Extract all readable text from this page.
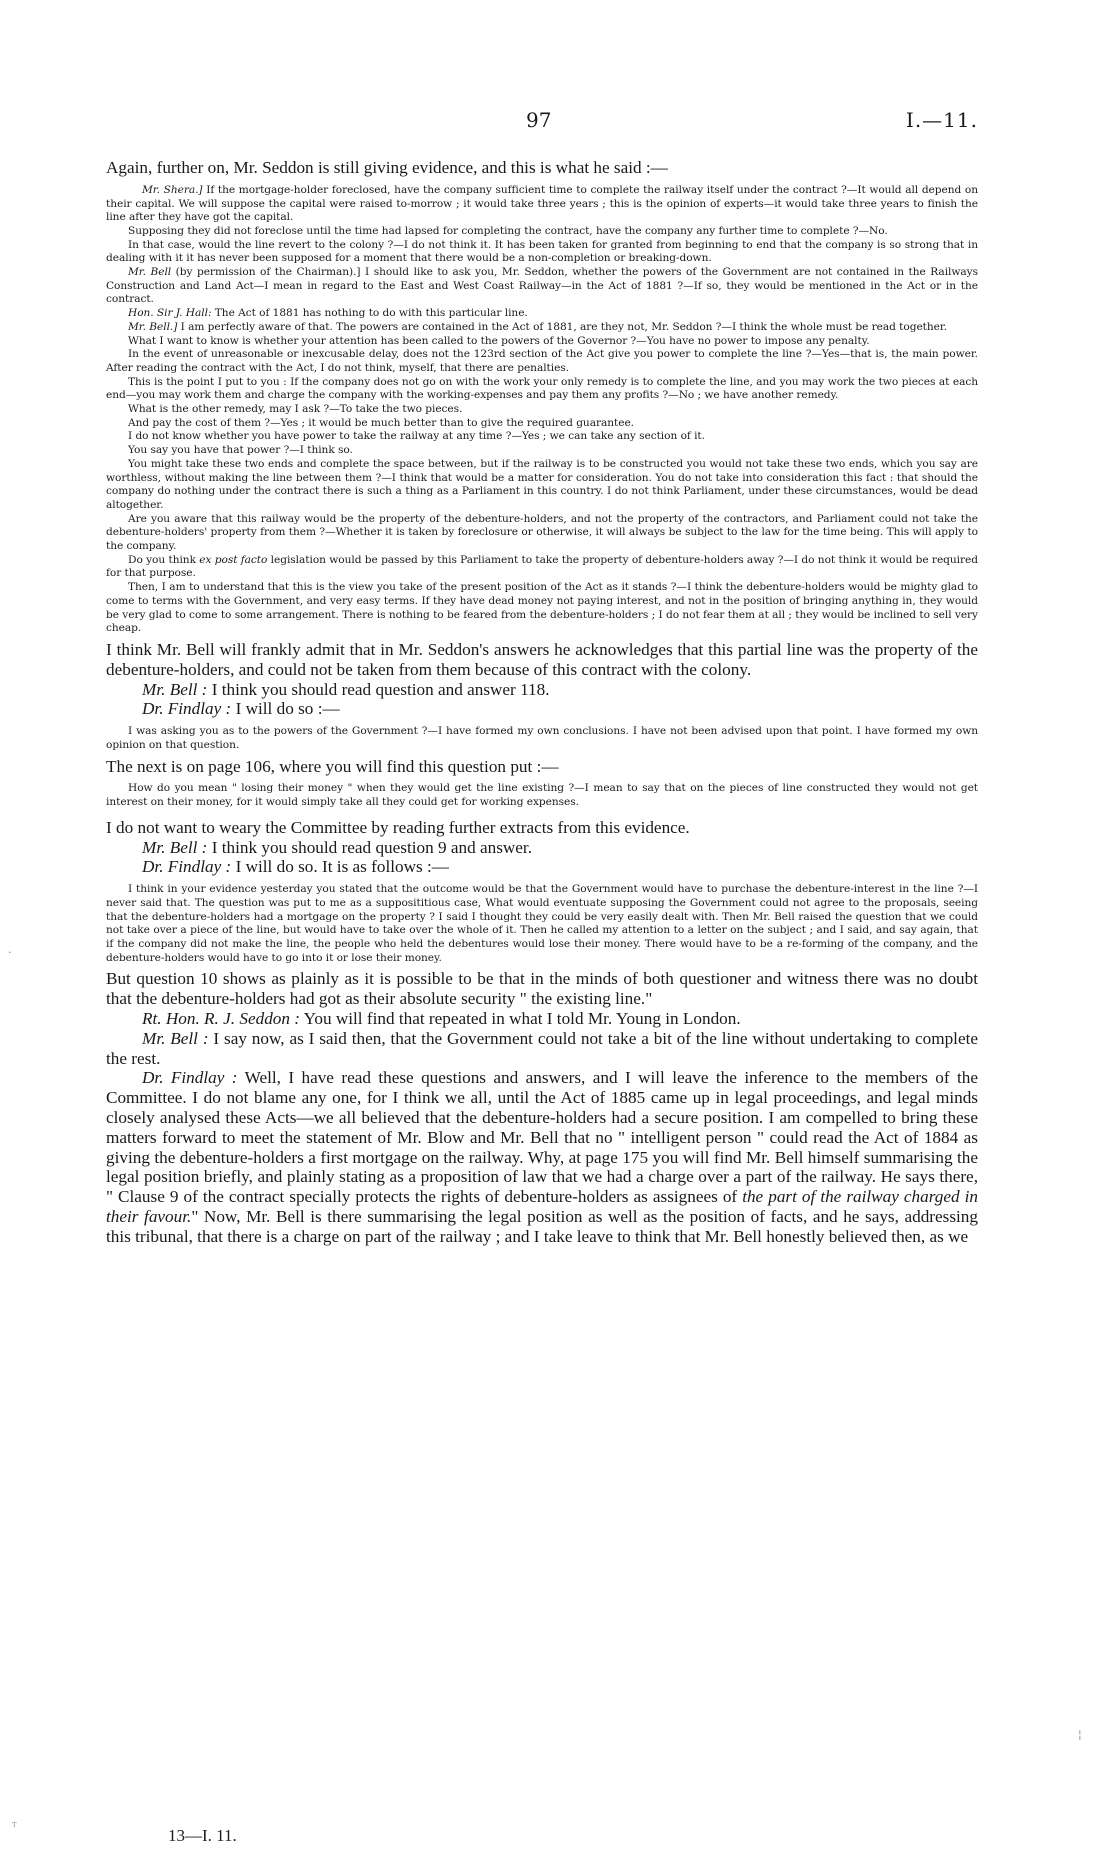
97	I.—11.

Again, further on, Mr. Seddon is still giving evidence, and this is what he said :—

Mr. Shera.] If the mortgage-holder foreclosed, have the company sufficient time to complete the railway itself under the contract ?—It would all depend on their capital. We will suppose the capital were raised to-morrow ; it would take three years ; this is the opinion of experts—it would take three years to finish the line after they have got the capital.

Supposing they did not foreclose until the time had lapsed for completing the contract, have the company any further time to complete ?—No.

In that case, would the line revert to the colony ?—I do not think it. It has been taken for granted from beginning to end that the company is so strong that in dealing with it it has never been supposed for a moment that there would be a non-completion or breaking-down.

Mr. Bell (by permission of the Chairman).] I should like to ask you, Mr. Seddon, whether the powers of the Government are not contained in the Railways Construction and Land Act—I mean in regard to the East and West Coast Railway—in the Act of 1881 ?—If so, they would be mentioned in the Act or in the contract.

Hon. Sir J. Hall: The Act of 1881 has nothing to do with this particular line.

Mr. Bell.] I am perfectly aware of that. The powers are contained in the Act of 1881, are they not, Mr. Seddon ?—I think the whole must be read together.

What I want to know is whether your attention has been called to the powers of the Governor ?—You have no power to impose any penalty.

In the event of unreasonable or inexcusable delay, does not the 123rd section of the Act give you power to complete the line ?—Yes—that is, the main power. After reading the contract with the Act, I do not think, myself, that there are penalties.

This is the point I put to you : If the company does not go on with the work your only remedy is to complete the line, and you may work the two pieces at each end—you may work them and charge the company with the working-expenses and pay them any profits ?—No ; we have another remedy.

What is the other remedy, may I ask ?—To take the two pieces.

And pay the cost of them ?—Yes ; it would be much better than to give the required guarantee.

I do not know whether you have power to take the railway at any time ?—Yes ; we can take any section of it.

You say you have that power ?—I think so.

You might take these two ends and complete the space between, but if the railway is to be constructed you would not take these two ends, which you say are worthless, without making the line between them ?—I think that would be a matter for consideration. You do not take into consideration this fact : that should the company do nothing under the contract there is such a thing as a Parliament in this country. I do not think Parliament, under these circumstances, would be dead altogether.

Are you aware that this railway would be the property of the debenture-holders, and not the property of the contractors, and Parliament could not take the debenture-holders' property from them ?—Whether it is taken by foreclosure or otherwise, it will always be subject to the law for the time being. This will apply to the company.

Do you think ex post facto legislation would be passed by this Parliament to take the property of debenture-holders away ?—I do not think it would be required for that purpose.

Then, I am to understand that this is the view you take of the present position of the Act as it stands ?—I think the debenture-holders would be mighty glad to come to terms with the Government, and very easy terms. If they have dead money not paying interest, and not in the position of bringing anything in, they would be very glad to come to some arrangement. There is nothing to be feared from the debenture-holders ; I do not fear them at all ; they would be inclined to sell very cheap.

I think Mr. Bell will frankly admit that in Mr. Seddon's answers he acknowledges that this partial line was the property of the debenture-holders, and could not be taken from them because of this contract with the colony.

Mr. Bell : I think you should read question and answer 118.

Dr. Findlay : I will do so :—

I was asking you as to the powers of the Government ?—I have formed my own conclusions. I have not been advised upon that point. I have formed my own opinion on that question.

The next is on page 106, where you will find this question put :—

How do you mean " losing their money " when they would get the line existing ?—I mean to say that on the pieces of line constructed they would not get interest on their money, for it would simply take all they could get for working expenses.

I do not want to weary the Committee by reading further extracts from this evidence.

Mr. Bell : I think you should read question 9 and answer.

Dr. Findlay : I will do so. It is as follows :—

I think in your evidence yesterday you stated that the outcome would be that the Government would have to purchase the debenture-interest in the line ?—I never said that. The question was put to me as a supposititious case, What would eventuate supposing the Government could not agree to the proposals, seeing that the debenture-holders had a mortgage on the property ? I said I thought they could be very easily dealt with. Then Mr. Bell raised the question that we could not take over a piece of the line, but would have to take over the whole of it. Then he called my attention to a letter on the subject ; and I said, and say again, that if the company did not make the line, the people who held the debentures would lose their money. There would have to be a re-forming of the company, and the debenture-holders would have to go into it or lose their money.

But question 10 shows as plainly as it is possible to be that in the minds of both questioner and witness there was no doubt that the debenture-holders had got as their absolute security " the existing line."

Rt. Hon. R. J. Seddon : You will find that repeated in what I told Mr. Young in London.

Mr. Bell : I say now, as I said then, that the Government could not take a bit of the line without undertaking to complete the rest.

Dr. Findlay : Well, I have read these questions and answers, and I will leave the inference to the members of the Committee. I do not blame any one, for I think we all, until the Act of 1885 came up in legal proceedings, and legal minds closely analysed these Acts—we all believed that the debenture-holders had a secure position. I am compelled to bring these matters forward to meet the statement of Mr. Blow and Mr. Bell that no " intelligent person " could read the Act of 1884 as giving the debenture-holders a first mortgage on the railway. Why, at page 175 you will find Mr. Bell himself summarising the legal position briefly, and plainly stating as a proposition of law that we had a charge over a part of the railway. He says there, " Clause 9 of the contract specially protects the rights of debenture-holders as assignees of the part of the railway charged in their favour." Now, Mr. Bell is there summarising the legal position as well as the position of facts, and he says, addressing this tribunal, that there is a charge on part of the railway ; and I take leave to think that Mr. Bell honestly believed then, as we

13—I. 11.
·
ᵀ
¦
